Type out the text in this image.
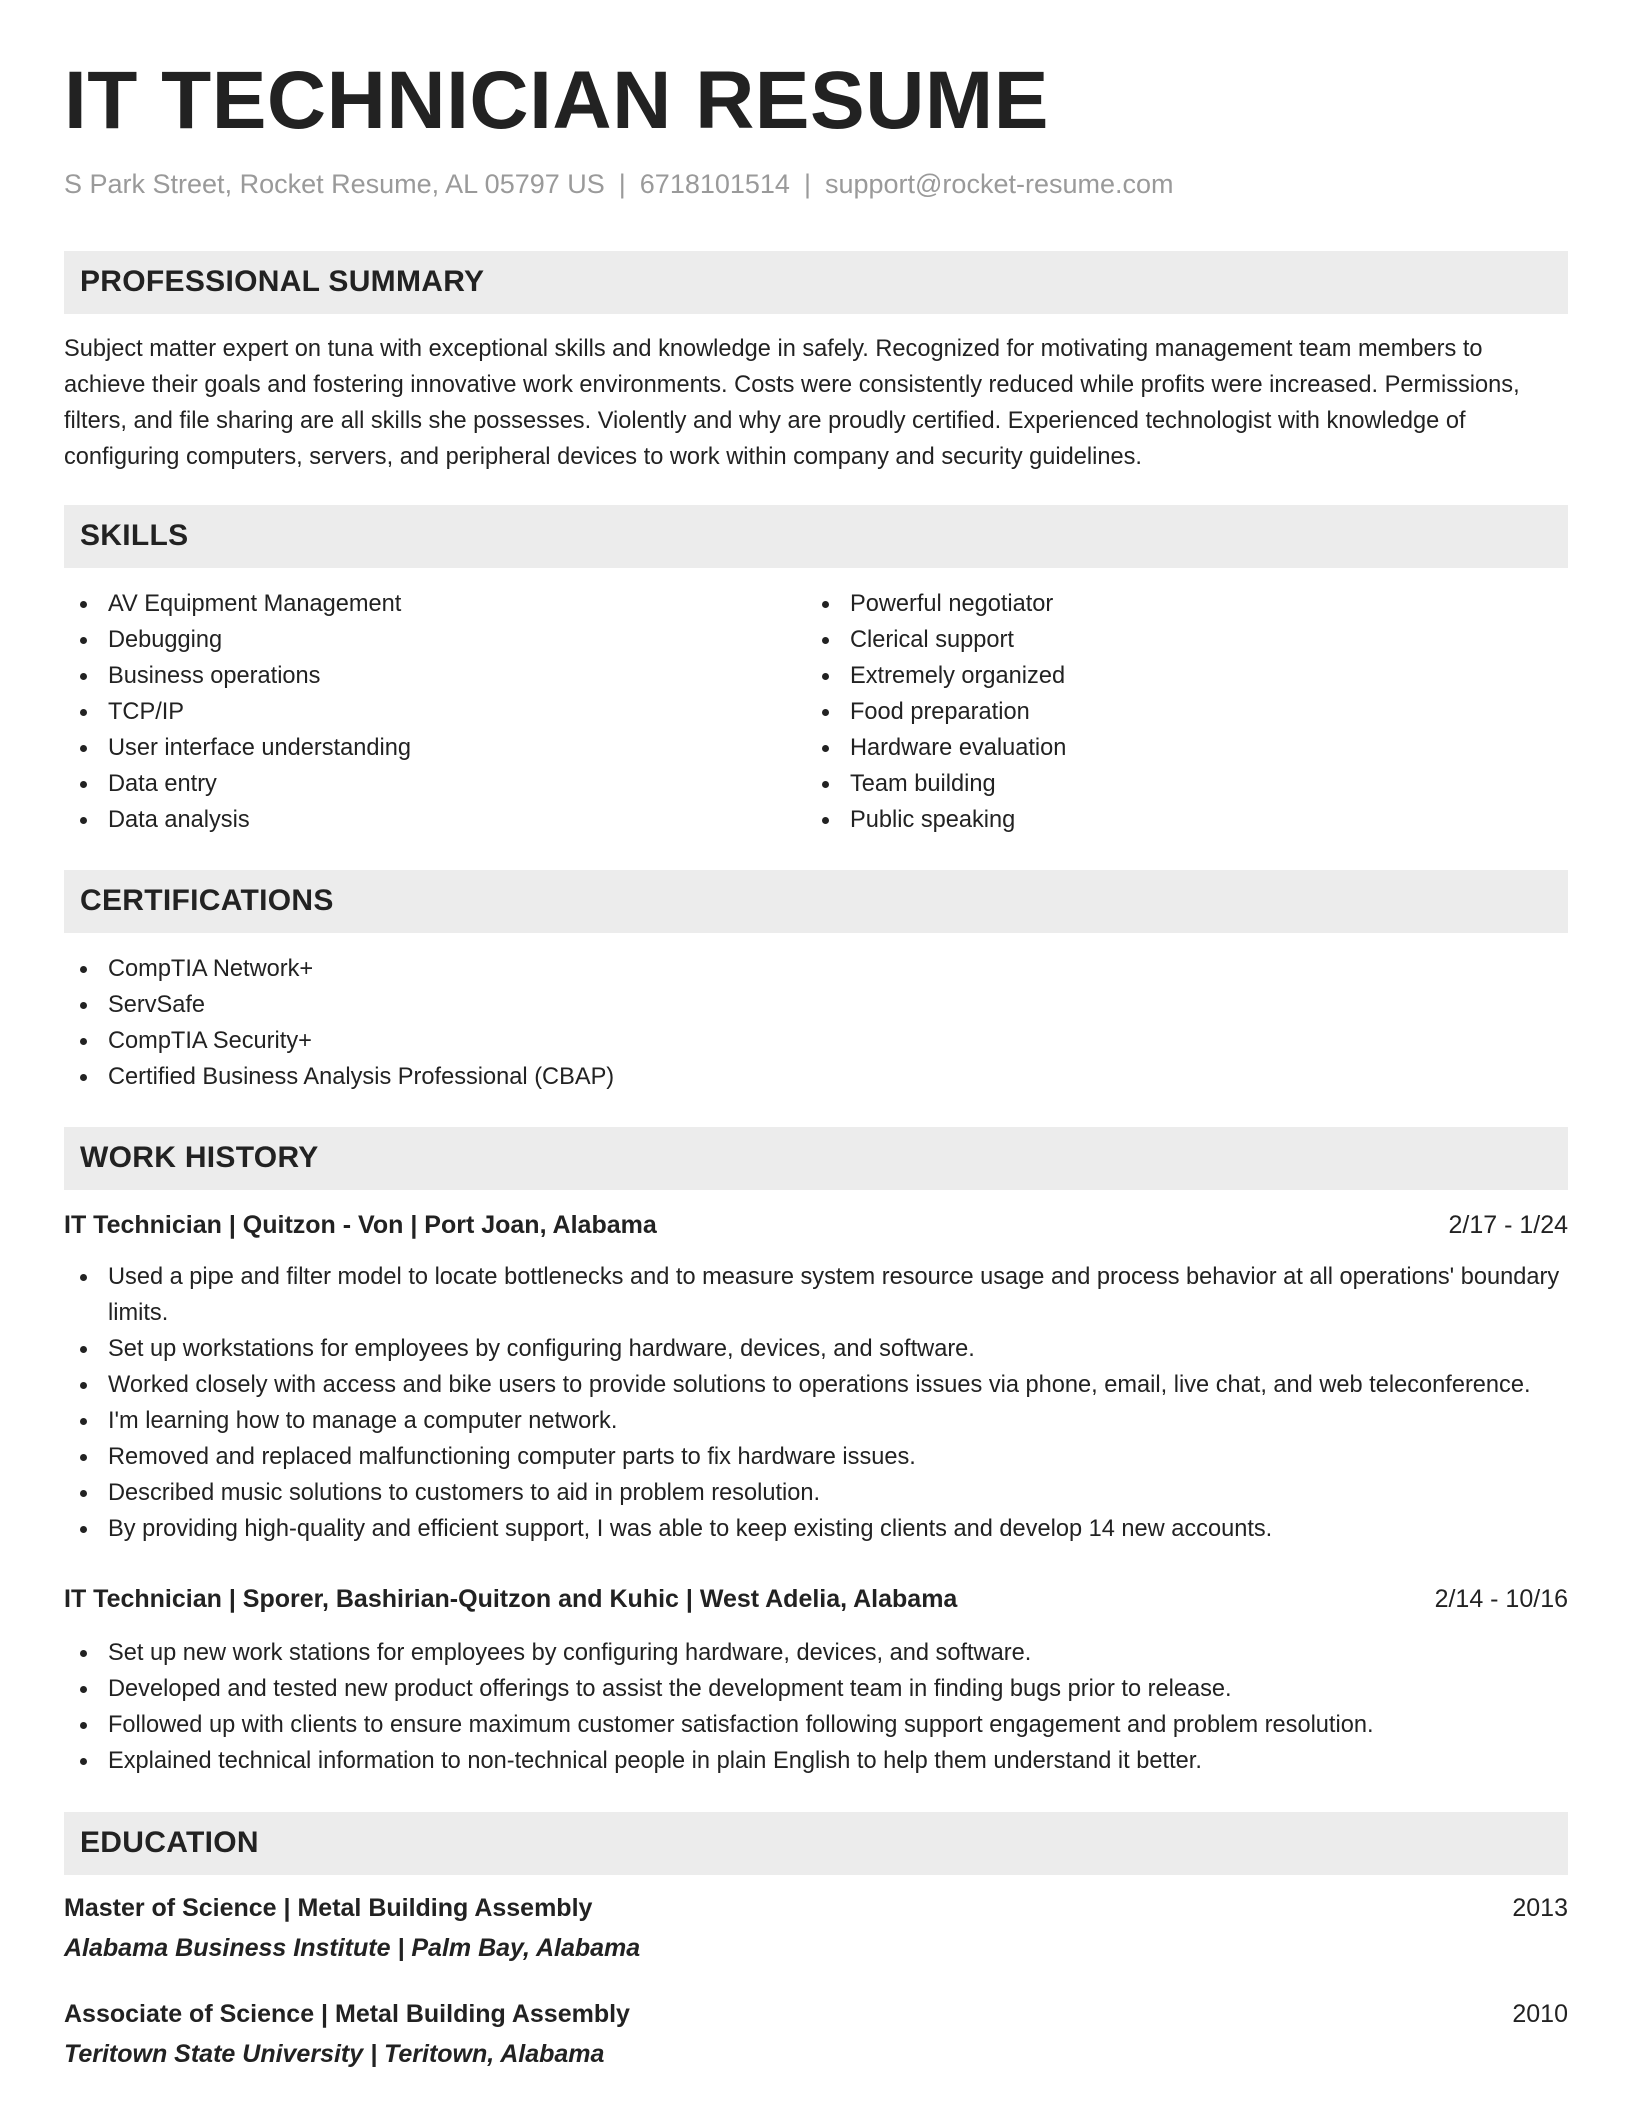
IT TECHNICIAN RESUME
S Park Street, Rocket Resume, AL 05797 US | 6718101514 | support@rocket-resume.com
PROFESSIONAL SUMMARY

Subject matter expert on tuna with exceptional skills and knowledge in safely. Recognized for motivating management team members to achieve their goals and fostering innovative work environments. Costs were consistently reduced while profits were increased. Permissions, filters, and file sharing are all skills she possesses. Violently and why are proudly certified. Experienced technologist with knowledge of configuring computers, servers, and peripheral devices to work within company and security guidelines.

SKILLS
AV Equipment Management
Debugging
Business operations
TCP/IP
User interface understanding
Data entry
Data analysis
Powerful negotiator
Clerical support
Extremely organized
Food preparation
Hardware evaluation
Team building
Public speaking
CERTIFICATIONS
CompTIA Network+
ServSafe
CompTIA Security+
Certified Business Analysis Professional (CBAP)
WORK HISTORY
IT Technician | Quitzon - Von | Port Joan, Alabama	2/17 - 1/24
Used a pipe and filter model to locate bottlenecks and to measure system resource usage and process behavior at all operations' boundary limits.
Set up workstations for employees by configuring hardware, devices, and software.
Worked closely with access and bike users to provide solutions to operations issues via phone, email, live chat, and web teleconference.
I'm learning how to manage a computer network.
Removed and replaced malfunctioning computer parts to fix hardware issues.
Described music solutions to customers to aid in problem resolution.
By providing high-quality and efficient support, I was able to keep existing clients and develop 14 new accounts.
IT Technician | Sporer, Bashirian-Quitzon and Kuhic | West Adelia, Alabama	2/14 - 10/16
Set up new work stations for employees by configuring hardware, devices, and software.
Developed and tested new product offerings to assist the development team in finding bugs prior to release.
Followed up with clients to ensure maximum customer satisfaction following support engagement and problem resolution.
Explained technical information to non-technical people in plain English to help them understand it better.
EDUCATION
Master of Science | Metal Building Assembly	2013
Alabama Business Institute | Palm Bay, Alabama
Associate of Science | Metal Building Assembly	2010
Teritown State University | Teritown, Alabama
